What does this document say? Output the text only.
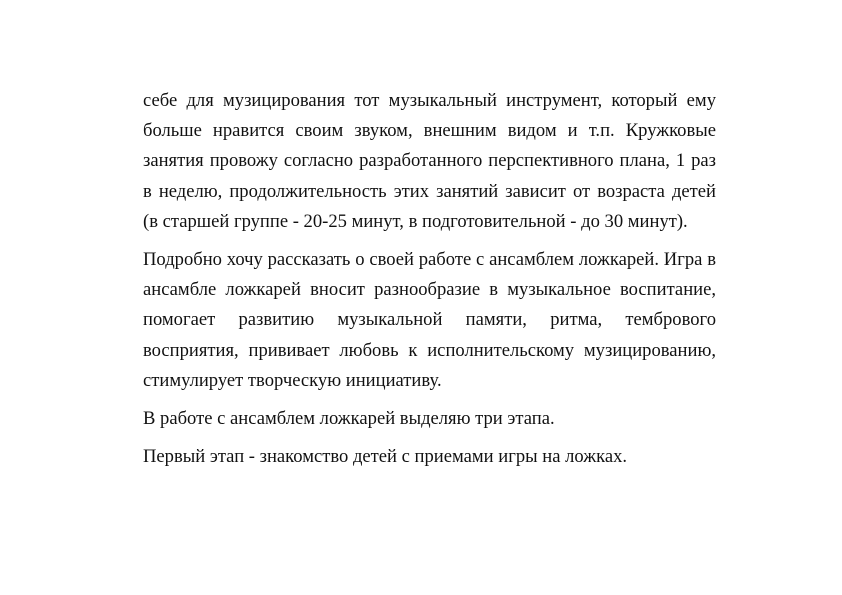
себе для музицирования тот музыкальный инструмент, который ему больше нравится своим звуком, внешним видом и т.п. Кружковые занятия провожу согласно разработанного перспективного плана, 1 раз в неделю, продолжительность этих занятий зависит от возраста детей (в старшей группе - 20-25 минут, в подготовительной - до 30 минут).

Подробно хочу рассказать о своей работе с ансамблем ложкарей. Игра в ансамбле ложкарей вносит разнообразие в музыкальное воспитание, помогает развитию музыкальной памяти, ритма, тембрового восприятия, прививает любовь к исполнительскому музицированию, стимулирует творческую инициативу.

В работе с ансамблем ложкарей выделяю три этапа.

Первый этап - знакомство детей с приемами игры на ложках.
